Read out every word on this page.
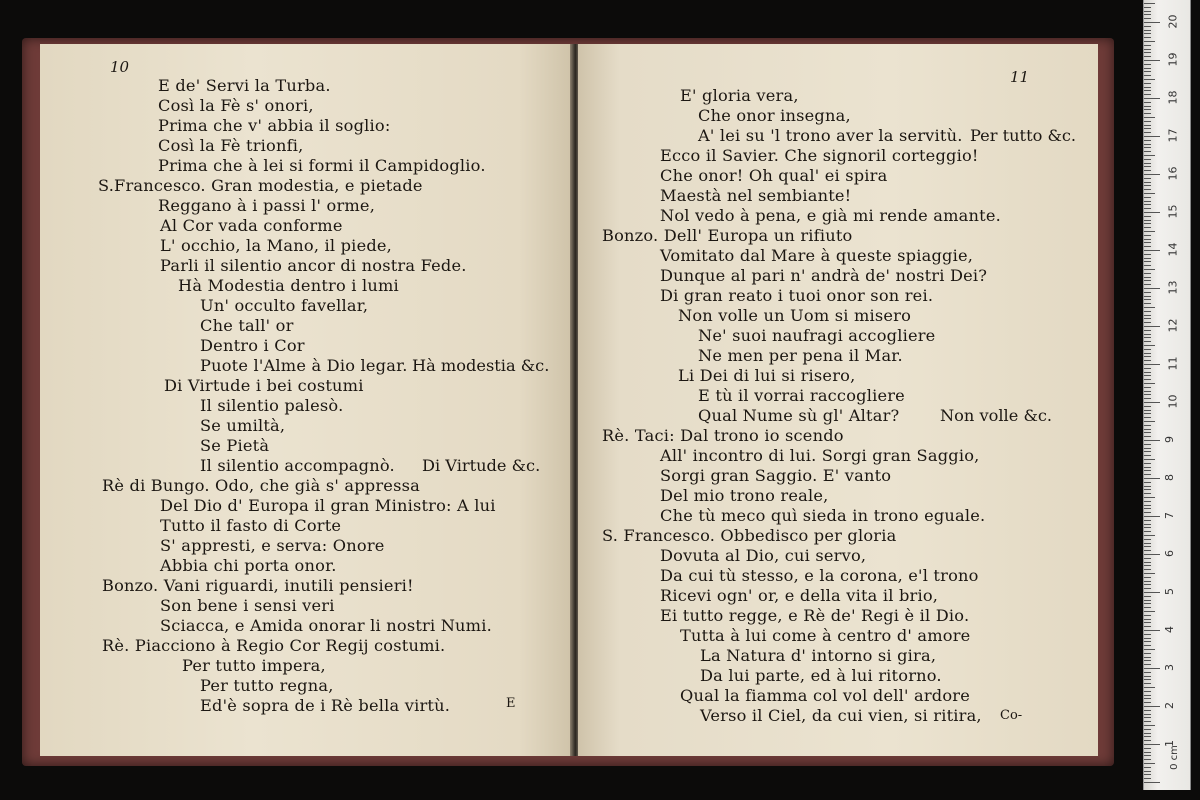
10
E de' Servi la Turba.
Così la Fè s' onori,
Prima che v' abbia il soglio:
Così la Fè trionfi,
Prima che à lei si formi il Campidoglio.
S.Francesco. Gran modestia, e pietade
Reggano à i passi l' orme,
Al Cor vada conforme
L' occhio, la Mano, il piede,
Parli il silentio ancor di nostra Fede.
Hà Modestia dentro i lumi
Un' occulto favellar,
Che tall' or
Dentro i Cor
Puote l'Alme à Dio legar. Hà modestia &c.
Di Virtude i bei costumi
Il silentio palesò.
Se umiltà,
Se Pietà
Il silentio accompagnò. Di Virtude &c.
Rè di Bungo. Odo, che già s' appressa
Del Dio d' Europa il gran Ministro: A lui
Tutto il fasto di Corte
S' appresti, e serva: Onore
Abbia chi porta onor.
Bonzo. Vani riguardi, inutili pensieri!
Son bene i sensi veri
Sciacca, e Amida onorar li nostri Numi.
Rè. Piacciono à Regio Cor Regij costumi.
Per tutto impera,
Per tutto regna,
Ed'è sopra de i Rè bella virtù.	E
11
E' gloria vera,
Che onor insegna,
A' lei su 'l trono aver la servitù. Per tutto &c.
Ecco il Savier. Che signoril corteggio!
Che onor! Oh qual' ei spira
Maestà nel sembiante!
Nol vedo à pena, e già mi rende amante.
Bonzo. Dell' Europa un rifiuto
Vomitato dal Mare à queste spiaggie,
Dunque al pari n' andrà de' nostri Dei?
Di gran reato i tuoi onor son rei.
Non volle un Uom si misero
Ne' suoi naufragi accogliere
Ne men per pena il Mar.
Li Dei di lui si risero,
E tù il vorrai raccogliere
Qual Nume sù gl' Altar?	Non volle &c.
Rè. Taci: Dal trono io scendo
All' incontro di lui. Sorgi gran Saggio,
Sorgi gran Saggio. E' vanto
Del mio trono reale,
Che tù meco quì sieda in trono eguale.
S. Francesco. Obbedisco per gloria
Dovuta al Dio, cui servo,
Da cui tù stesso, e la corona, e'l trono
Ricevi ogn' or, e della vita il brio,
Ei tutto regge, e Rè de' Regi è il Dio.
Tutta à lui come à centro d' amore
La Natura d' intorno si gira,
Da lui parte, ed à lui ritorno.
Qual la fiamma col vol dell' ardore
Verso il Ciel, da cui vien, si ritira, Co-
0 cm
1
2
3
4
5
6
7
8
9
10
11
12
13
14
15
16
17
18
19
20
